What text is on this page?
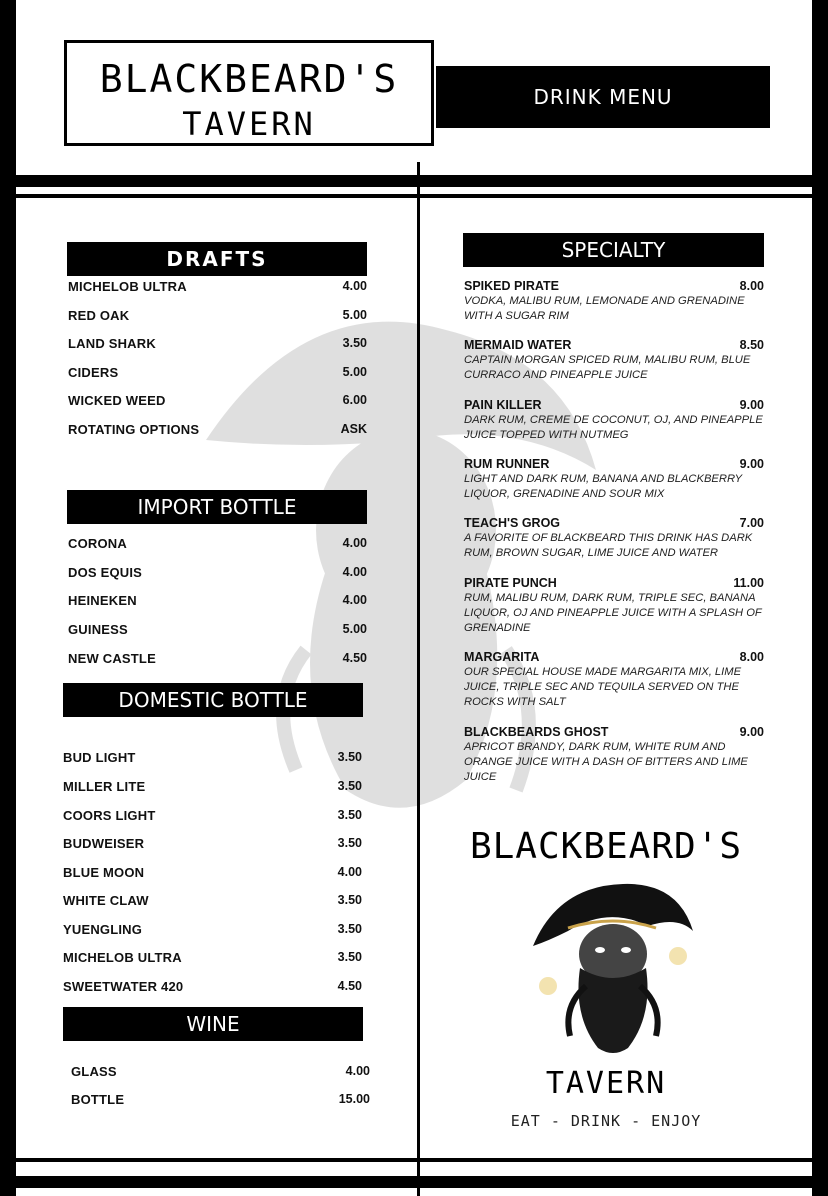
BLACKBEARD'S
TAVERN
DRINK MENU
DRAFTS
MICHELOB ULTRA	4.00
RED OAK	5.00
LAND SHARK	3.50
CIDERS	5.00
WICKED WEED	6.00
ROTATING OPTIONS	ASK
IMPORT BOTTLE
CORONA	4.00
DOS EQUIS	4.00
HEINEKEN	4.00
GUINESS	5.00
NEW CASTLE	4.50
DOMESTIC BOTTLE
BUD LIGHT	3.50
MILLER LITE	3.50
COORS LIGHT	3.50
BUDWEISER	3.50
BLUE MOON	4.00
WHITE CLAW	3.50
YUENGLING	3.50
MICHELOB ULTRA	3.50
SWEETWATER 420	4.50
WINE
GLASS	4.00
BOTTLE	15.00
SPECIALTY
SPIKED PIRATE	8.00
VODKA, MALIBU RUM, LEMONADE AND GRENADINE WITH A SUGAR RIM
MERMAID WATER	8.50
CAPTAIN MORGAN SPICED RUM, MALIBU RUM, BLUE CURRACO AND PINEAPPLE JUICE
PAIN KILLER	9.00
DARK RUM, CREME DE COCONUT, OJ, AND PINEAPPLE JUICE TOPPED WITH NUTMEG
RUM RUNNER	9.00
LIGHT AND DARK RUM, BANANA AND BLACKBERRY LIQUOR, GRENADINE AND SOUR MIX
TEACH'S GROG	7.00
A FAVORITE OF BLACKBEARD THIS DRINK HAS DARK RUM, BROWN SUGAR, LIME JUICE AND WATER
PIRATE PUNCH	11.00
RUM, MALIBU RUM, DARK RUM, TRIPLE SEC, BANANA LIQUOR, OJ AND PINEAPPLE JUICE WITH A SPLASH OF GRENADINE
MARGARITA	8.00
OUR SPECIAL HOUSE MADE MARGARITA MIX, LIME JUICE, TRIPLE SEC AND TEQUILA SERVED ON THE ROCKS WITH SALT
BLACKBEARDS GHOST	9.00
APRICOT BRANDY, DARK RUM, WHITE RUM AND ORANGE JUICE WITH A DASH OF BITTERS AND LIME JUICE
BLACKBEARD'S
TAVERN
EAT - DRINK - ENJOY
